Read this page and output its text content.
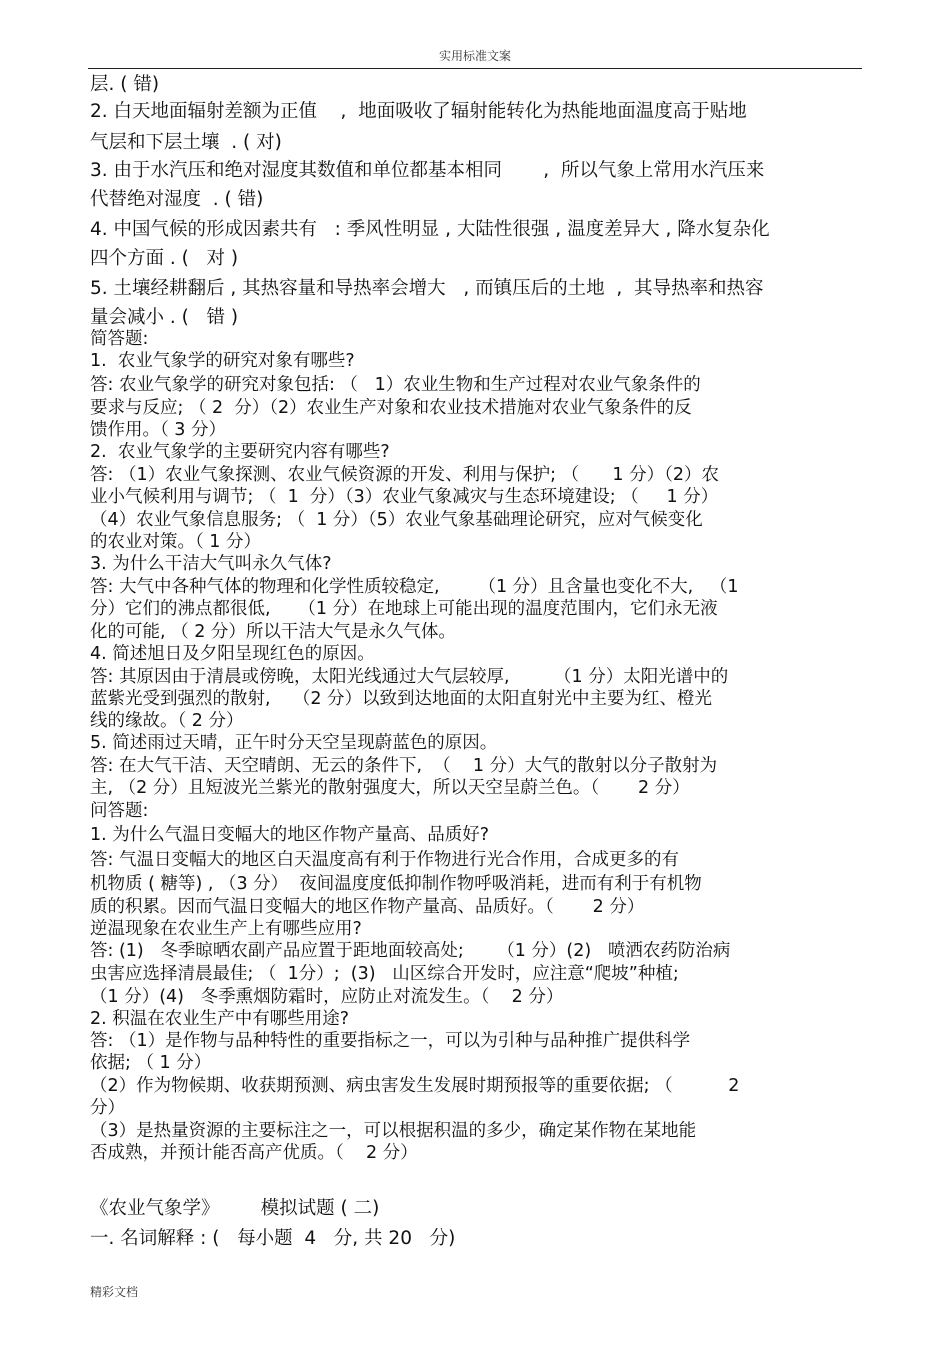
实用标准文案
层. ( 错)
2. 白天地面辐射差额为正值    ,  地面吸收了辐射能转化为热能地面温度高于贴地
气层和下层土壤  . ( 对)
3. 由于水汽压和绝对湿度其数值和单位都基本相同       ,  所以气象上常用水汽压来
代替绝对湿度  . ( 错)
4. 中国气候的形成因素共有   : 季风性明显 , 大陆性很强 , 温度差异大 , 降水复杂化
四个方面 . (   对 )
5. 土壤经耕翻后 , 其热容量和导热率会增大   , 而镇压后的土地  ,  其导热率和热容
量会减小 . (   错 )
简答题:
1.  农业气象学的研究对象有哪些?
答: 农业气象学的研究对象包括: （   1）农业生物和生产过程对农业气象条件的
要求与反应; （ 2  分）（2）农业生产对象和农业技术措施对农业气象条件的反
馈作用。（ 3 分）
2.  农业气象学的主要研究内容有哪些?
答: （1）农业气象探测、农业气候资源的开发、利用与保护; （      1 分）（2）农
业小气候利用与调节; （  1  分）（3）农业气象减灾与生态环境建设; （     1 分）
（4）农业气象信息服务; （  1 分）（5）农业气象基础理论研究，应对气候变化
的农业对策。（ 1 分）
3. 为什么干洁大气叫永久气体?
答: 大气中各种气体的物理和化学性质较稳定,       （1 分）且含量也变化不大,   （1
分）它们的沸点都很低,     （1 分）在地球上可能出现的温度范围内，它们永无液
化的可能, （ 2 分）所以干洁大气是永久气体。
4. 简述旭日及夕阳呈现红色的原因。
答: 其原因由于清晨或傍晚，太阳光线通过大气层较厚,        （1 分）太阳光谱中的
蓝紫光受到强烈的散射,    （2 分）以致到达地面的太阳直射光中主要为红、橙光
线的缘故。（ 2 分）
5. 简述雨过天晴，正午时分天空呈现蔚蓝色的原因。
答: 在大气干洁、天空晴朗、无云的条件下,  （    1 分）大气的散射以分子散射为
主, （2 分）且短波光兰紫光的散射强度大，所以天空呈蔚兰色。（       2 分）
问答题:
1. 为什么气温日变幅大的地区作物产量高、品质好?
答: 气温日变幅大的地区白天温度高有利于作物进行光合作用，合成更多的有
机物质 ( 糖等) , （3 分）  夜间温度度低抑制作物呼吸消耗，进而有利于有机物
质的积累。因而气温日变幅大的地区作物产量高、品质好。（       2 分）
逆温现象在农业生产上有哪些应用?
答: (1)   冬季晾晒农副产品应置于距地面较高处;      （1 分）(2)   喷洒农药防治病
虫害应选择清晨最佳; （  1分）;  (3)   山区综合开发时，应注意“爬坡”种植;
（1 分）(4)   冬季熏烟防霜时，应防止对流发生。（    2 分）
2. 积温在农业生产中有哪些用途?
答: （1）是作物与品种特性的重要指标之一，可以为引种与品种推广提供科学
依据; （ 1 分）
（2）作为物候期、收获期预测、病虫害发生发展时期预报等的重要依据; （          2
分）
（3）是热量资源的主要标注之一，可以根据积温的多少，确定某作物在某地能
否成熟，并预计能否高产优质。（    2 分）
《农业气象学》       模拟试题 ( 二)
一. 名词解释 : (   每小题  4   分, 共 20   分)
精彩文档
